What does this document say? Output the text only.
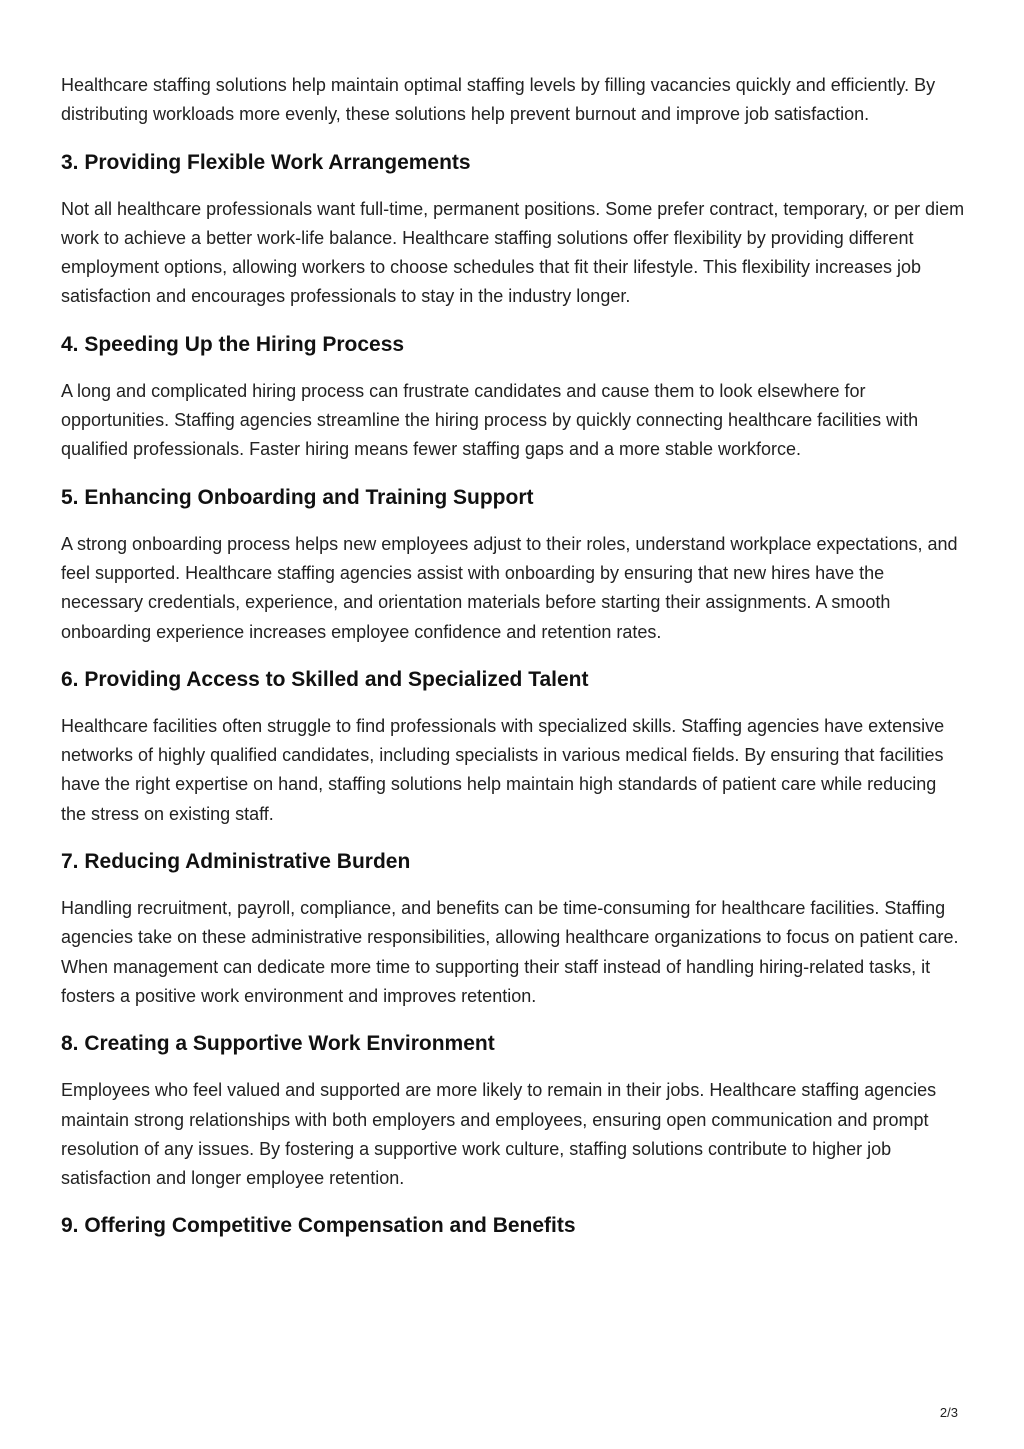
Healthcare staffing solutions help maintain optimal staffing levels by filling vacancies quickly and efficiently. By distributing workloads more evenly, these solutions help prevent burnout and improve job satisfaction.

3. Providing Flexible Work Arrangements

Not all healthcare professionals want full-time, permanent positions. Some prefer contract, temporary, or per diem work to achieve a better work-life balance. Healthcare staffing solutions offer flexibility by providing different employment options, allowing workers to choose schedules that fit their lifestyle. This flexibility increases job satisfaction and encourages professionals to stay in the industry longer.

4. Speeding Up the Hiring Process

A long and complicated hiring process can frustrate candidates and cause them to look elsewhere for opportunities. Staffing agencies streamline the hiring process by quickly connecting healthcare facilities with qualified professionals. Faster hiring means fewer staffing gaps and a more stable workforce.

5. Enhancing Onboarding and Training Support

A strong onboarding process helps new employees adjust to their roles, understand workplace expectations, and feel supported. Healthcare staffing agencies assist with onboarding by ensuring that new hires have the necessary credentials, experience, and orientation materials before starting their assignments. A smooth onboarding experience increases employee confidence and retention rates.

6. Providing Access to Skilled and Specialized Talent

Healthcare facilities often struggle to find professionals with specialized skills. Staffing agencies have extensive networks of highly qualified candidates, including specialists in various medical fields. By ensuring that facilities have the right expertise on hand, staffing solutions help maintain high standards of patient care while reducing the stress on existing staff.

7. Reducing Administrative Burden

Handling recruitment, payroll, compliance, and benefits can be time-consuming for healthcare facilities. Staffing agencies take on these administrative responsibilities, allowing healthcare organizations to focus on patient care. When management can dedicate more time to supporting their staff instead of handling hiring-related tasks, it fosters a positive work environment and improves retention.

8. Creating a Supportive Work Environment

Employees who feel valued and supported are more likely to remain in their jobs. Healthcare staffing agencies maintain strong relationships with both employers and employees, ensuring open communication and prompt resolution of any issues. By fostering a supportive work culture, staffing solutions contribute to higher job satisfaction and longer employee retention.

9. Offering Competitive Compensation and Benefits
2/3
